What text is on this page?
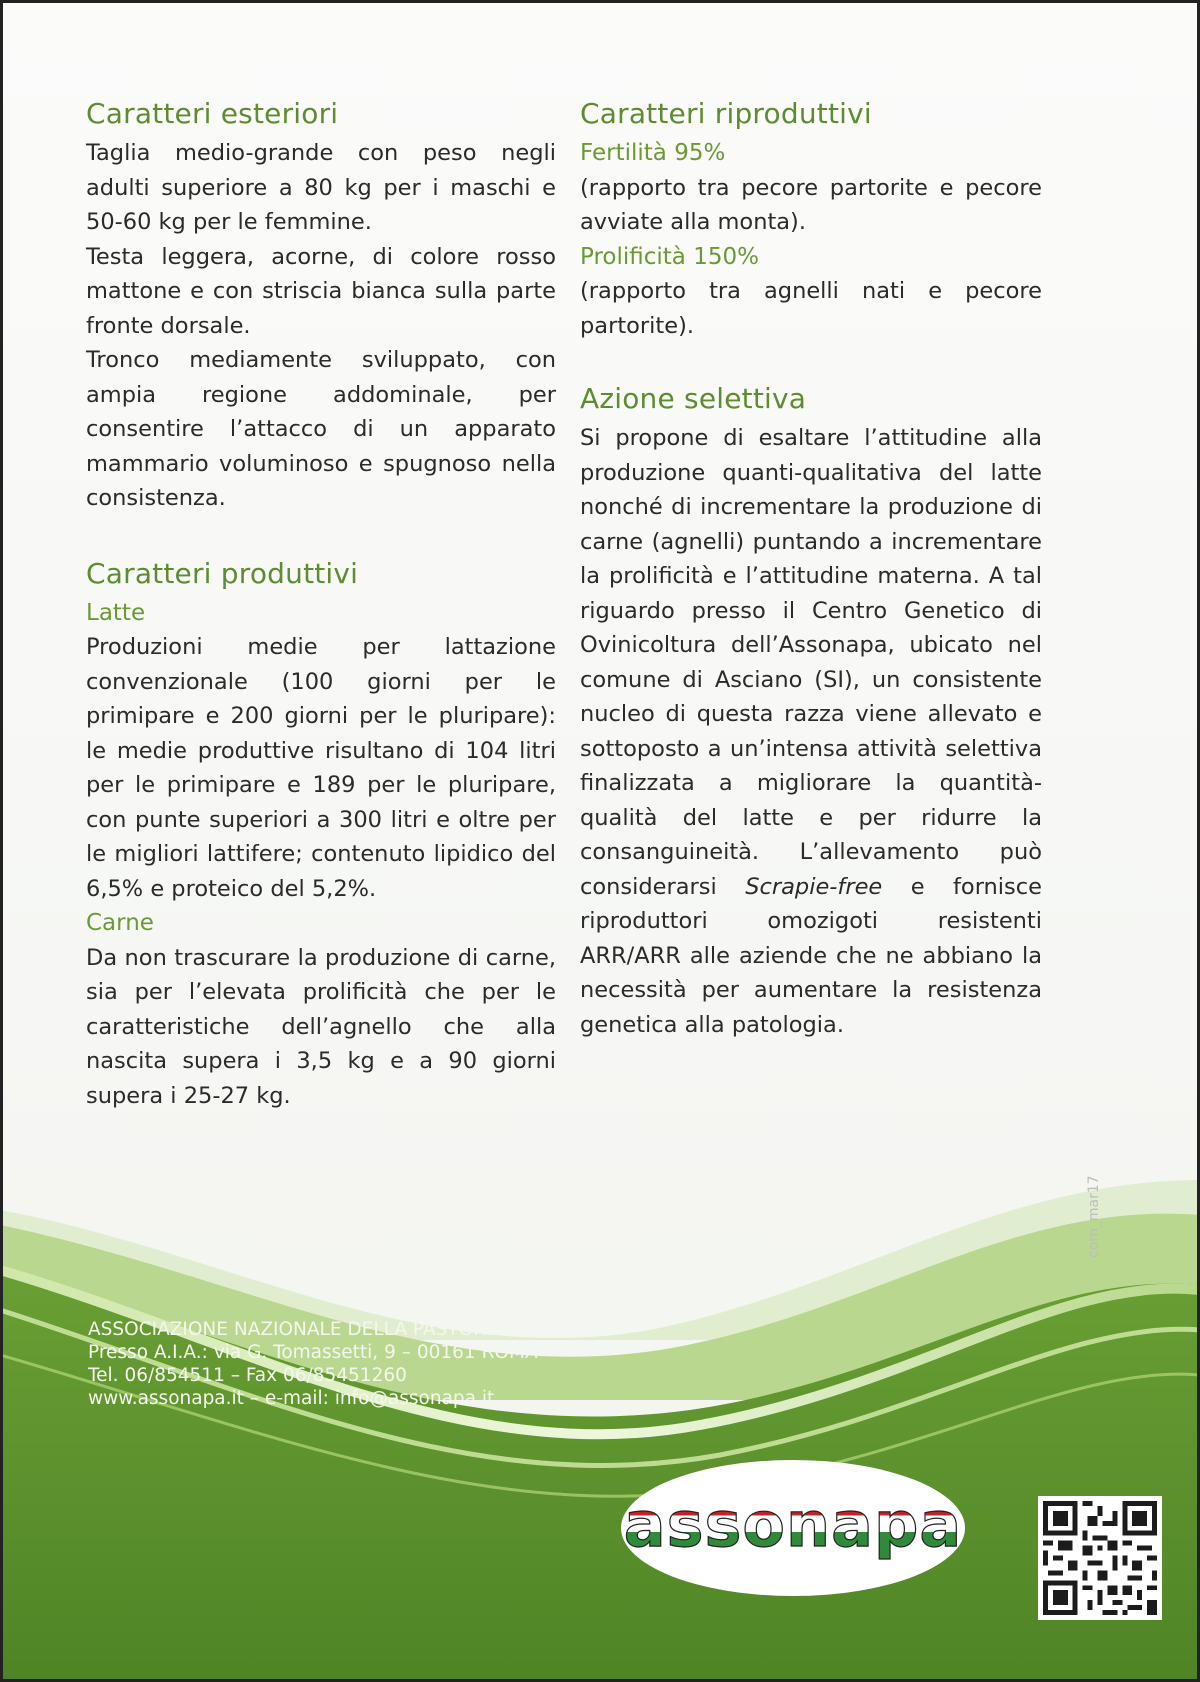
Caratteri esteriori

Taglia medio-grande con peso negli adulti superiore a 80 kg per i maschi e 50-60 kg per le femmine.

Testa leggera, acorne, di colore rosso mattone e con striscia bianca sulla parte fronte dorsale.

Tronco mediamente sviluppato, con ampia regione addominale, per consentire l’attacco di un apparato mammario voluminoso e spugnoso nella consistenza.

Caratteri produttivi
Latte

Produzioni medie per lattazione convenzionale (100 giorni per le primipare e 200 giorni per le pluripare): le medie produttive risultano di 104 litri per le primipare e 189 per le pluripare, con punte superiori a 300 litri e oltre per le migliori lattifere; contenuto lipidico del 6,5% e proteico del 5,2%.

Carne

Da non trascurare la produzione di carne, sia per l’elevata prolificità che per le caratteristiche dell’agnello che alla nascita supera i 3,5 kg e a 90 giorni supera i 25-27 kg.

Caratteri riproduttivi
Fertilità 95%

(rapporto tra pecore partorite e pecore avviate alla monta).

Prolificità 150%

(rapporto tra agnelli nati e pecore partorite).

Azione selettiva

Si propone di esaltare l’attitudine alla produzione quanti-qualitativa del latte nonché di incrementare la produzione di carne (agnelli) puntando a incrementare la prolificità e l’attitudine materna. A tal riguardo presso il Centro Genetico di Ovinicoltura dell’Assonapa, ubicato nel comune di Asciano (SI), un consistente nucleo di questa razza viene allevato e sottoposto a un’intensa attività selettiva finalizzata a migliorare la quantità-qualità del latte e per ridurre la consanguineità. L’allevamento può considerarsi Scrapie-free e fornisce riproduttori omozigoti resistenti ARR/ARR alle aziende che ne abbiano la necessità per aumentare la resistenza genetica alla patologia.

assonapa
ASSOCIAZIONE NAZIONALE DELLA PASTORIZIA
Presso A.I.A.: via G. Tomassetti, 9 – 00161 ROMA
Tel. 06/854511 – Fax 06/85451260
www.assonapa.it – e-mail: info@assonapa.it
com_mar17
